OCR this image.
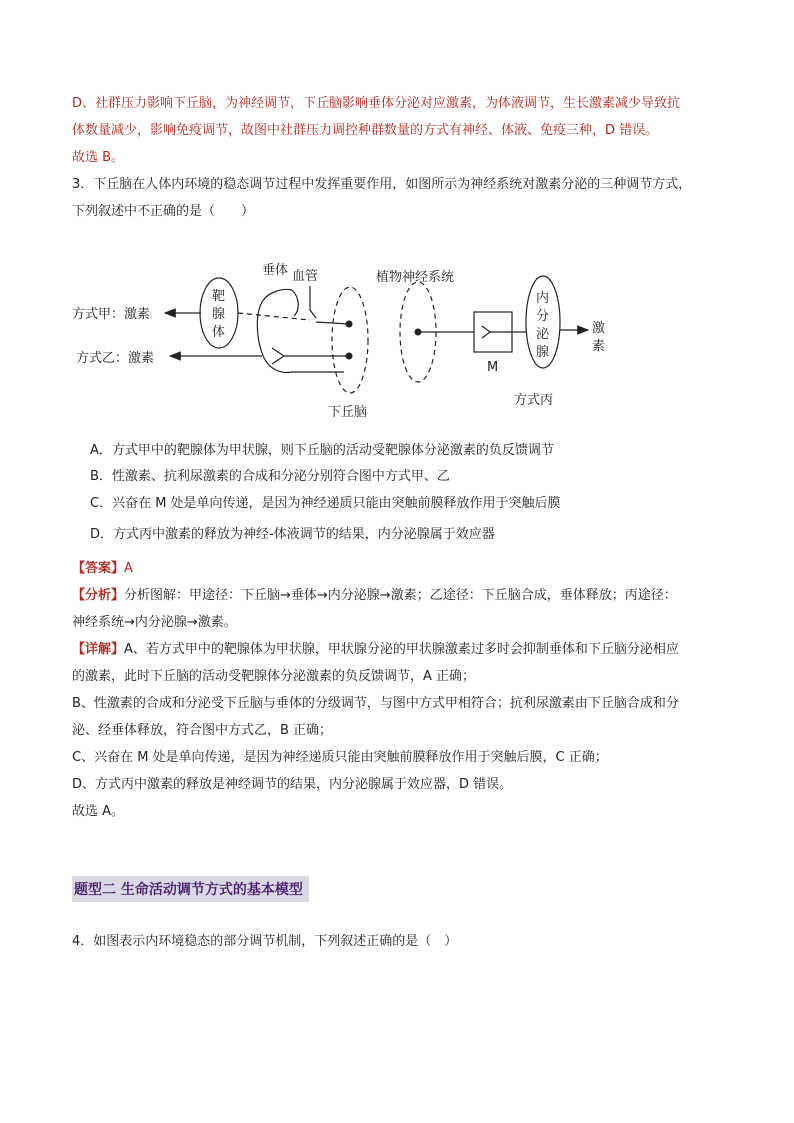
D、社群压力影响下丘脑，为神经调节，下丘脑影响垂体分泌对应激素，为体液调节，生长激素减少导致抗
体数量减少，影响免疫调节，故图中社群压力调控种群数量的方式有神经、体液、免疫三种，D 错误。
故选 B。
3．下丘脑在人体内环境的稳态调节过程中发挥重要作用，如图所示为神经系统对激素分泌的三种调节方式，
下列叙述中不正确的是（　　）
垂体 血管	植物神经系统
靶
腺
体
方式甲：激素
方式乙：激素
下丘脑
M
内
分
泌
腺
激
素
方式丙
A．方式甲中的靶腺体为甲状腺，则下丘脑的活动受靶腺体分泌激素的负反馈调节
B．性激素、抗利尿激素的合成和分泌分别符合图中方式甲、乙
C．兴奋在 M 处是单向传递，是因为神经递质只能由突触前膜释放作用于突触后膜
D．方式丙中激素的释放为神经-体液调节的结果，内分泌腺属于效应器
【答案】A
【分析】分析图解：甲途径：下丘脑→垂体→内分泌腺→激素；乙途径：下丘脑合成，垂体释放；丙途径：
神经系统→内分泌腺→激素。
【详解】A、若方式甲中的靶腺体为甲状腺，甲状腺分泌的甲状腺激素过多时会抑制垂体和下丘脑分泌相应
的激素，此时下丘脑的活动受靶腺体分泌激素的负反馈调节，A 正确；
B、性激素的合成和分泌受下丘脑与垂体的分级调节，与图中方式甲相符合；抗利尿激素由下丘脑合成和分
泌、经垂体释放，符合图中方式乙，B 正确；
C、兴奋在 M 处是单向传递，是因为神经递质只能由突触前膜释放作用于突触后膜，C 正确；
D、方式丙中激素的释放是神经调节的结果，内分泌腺属于效应器，D 错误。
故选 A。
题型二 生命活动调节方式的基本模型
4．如图表示内环境稳态的部分调节机制，下列叙述正确的是（　）
